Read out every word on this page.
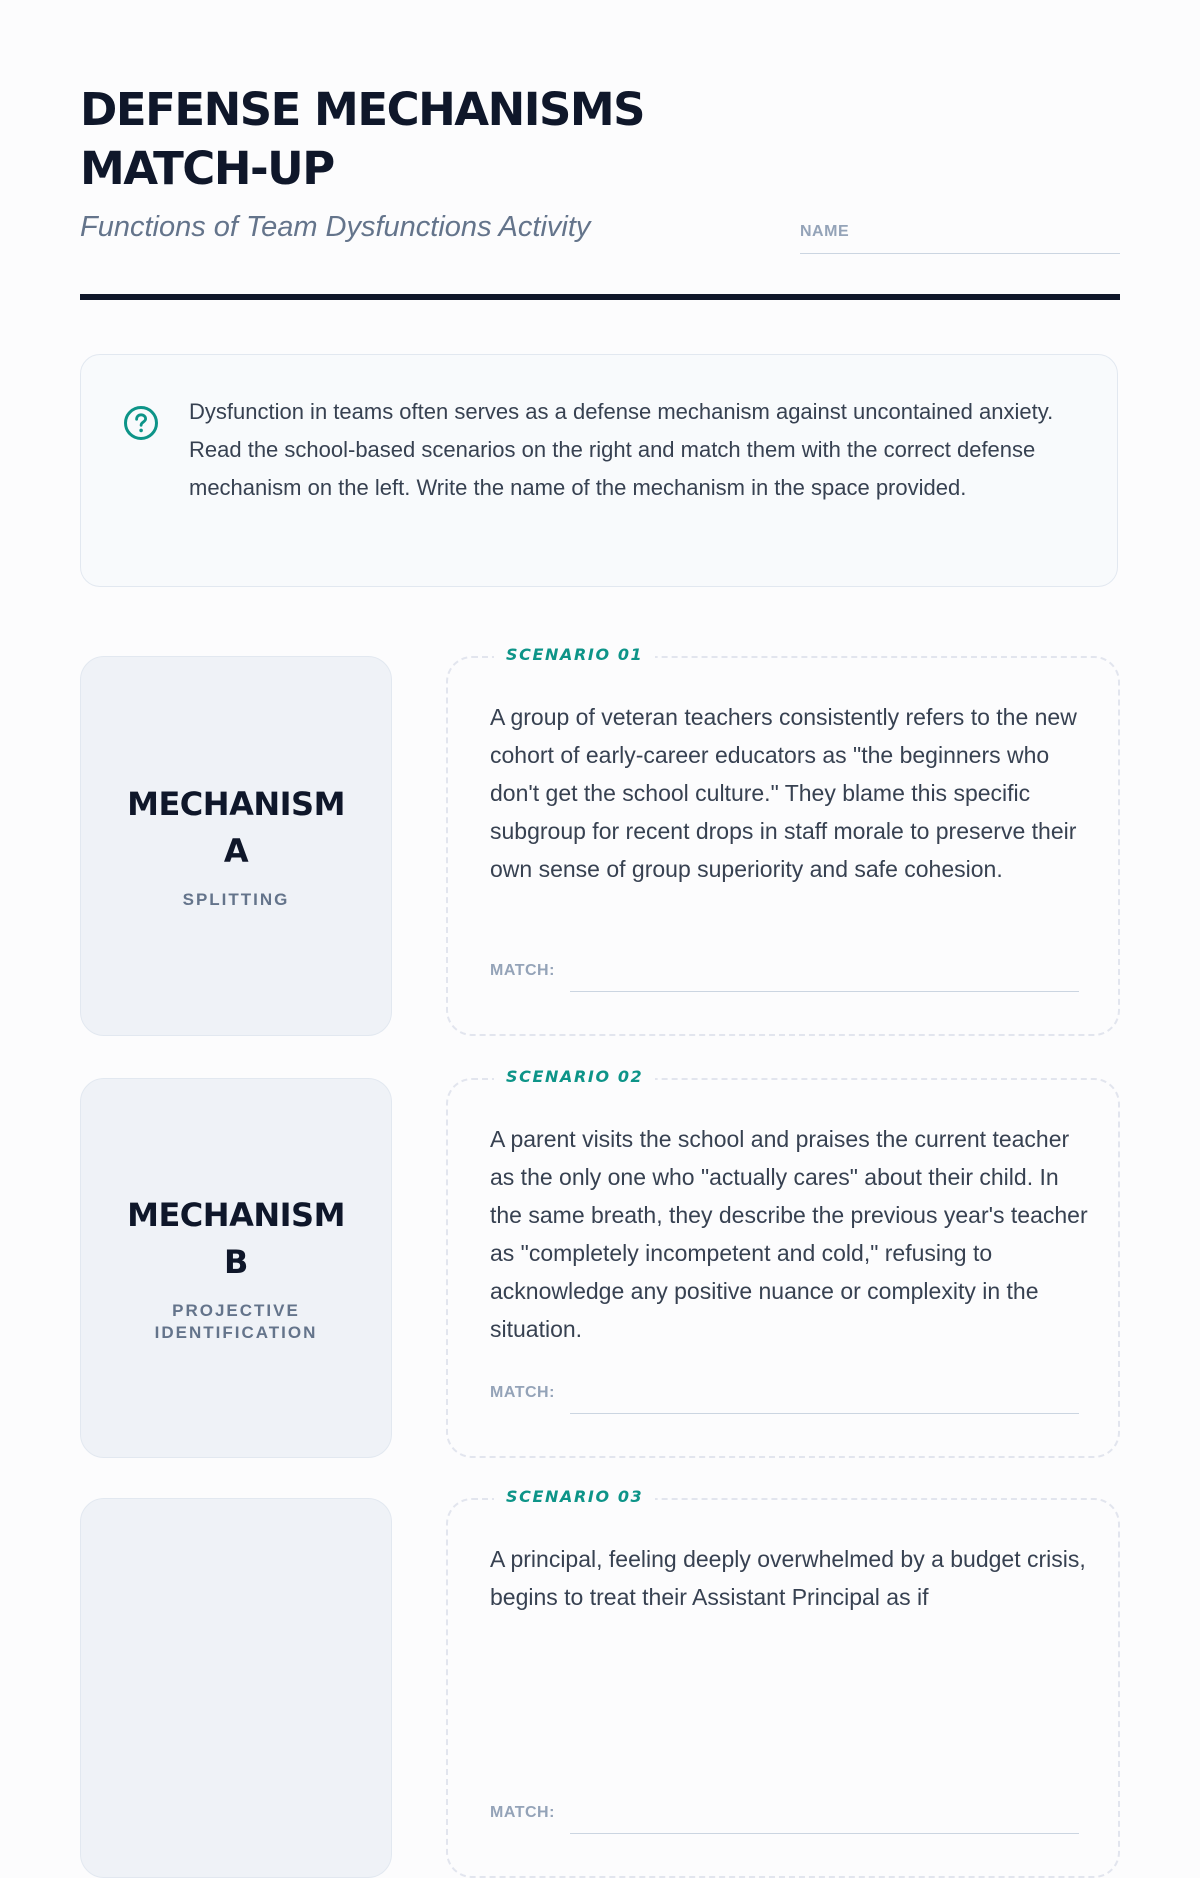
DEFENSE MECHANISMS MATCH-UP

Functions of Team Dysfunctions Activity	NAME
Dysfunction in teams often serves as a defense mechanism against uncontained anxiety. Read the school-based scenarios on the right and match them with the correct defense mechanism on the left. Write the name of the mechanism in the space provided.
MECHANISM A
SPLITTING
SCENARIO 01

A group of veteran teachers consistently refers to the new cohort of early-career educators as "the beginners who don't get the school culture." They blame this specific subgroup for recent drops in staff morale to preserve their own sense of group superiority and safe cohesion.

MATCH:
MECHANISM B
PROJECTIVE IDENTIFICATION
SCENARIO 02

A parent visits the school and praises the current teacher as the only one who "actually cares" about their child. In the same breath, they describe the previous year's teacher as "completely incompetent and cold," refusing to acknowledge any positive nuance or complexity in the situation.

MATCH:
SCENARIO 03

A principal, feeling deeply overwhelmed by a budget crisis, begins to treat their Assistant Principal as if

MATCH:
